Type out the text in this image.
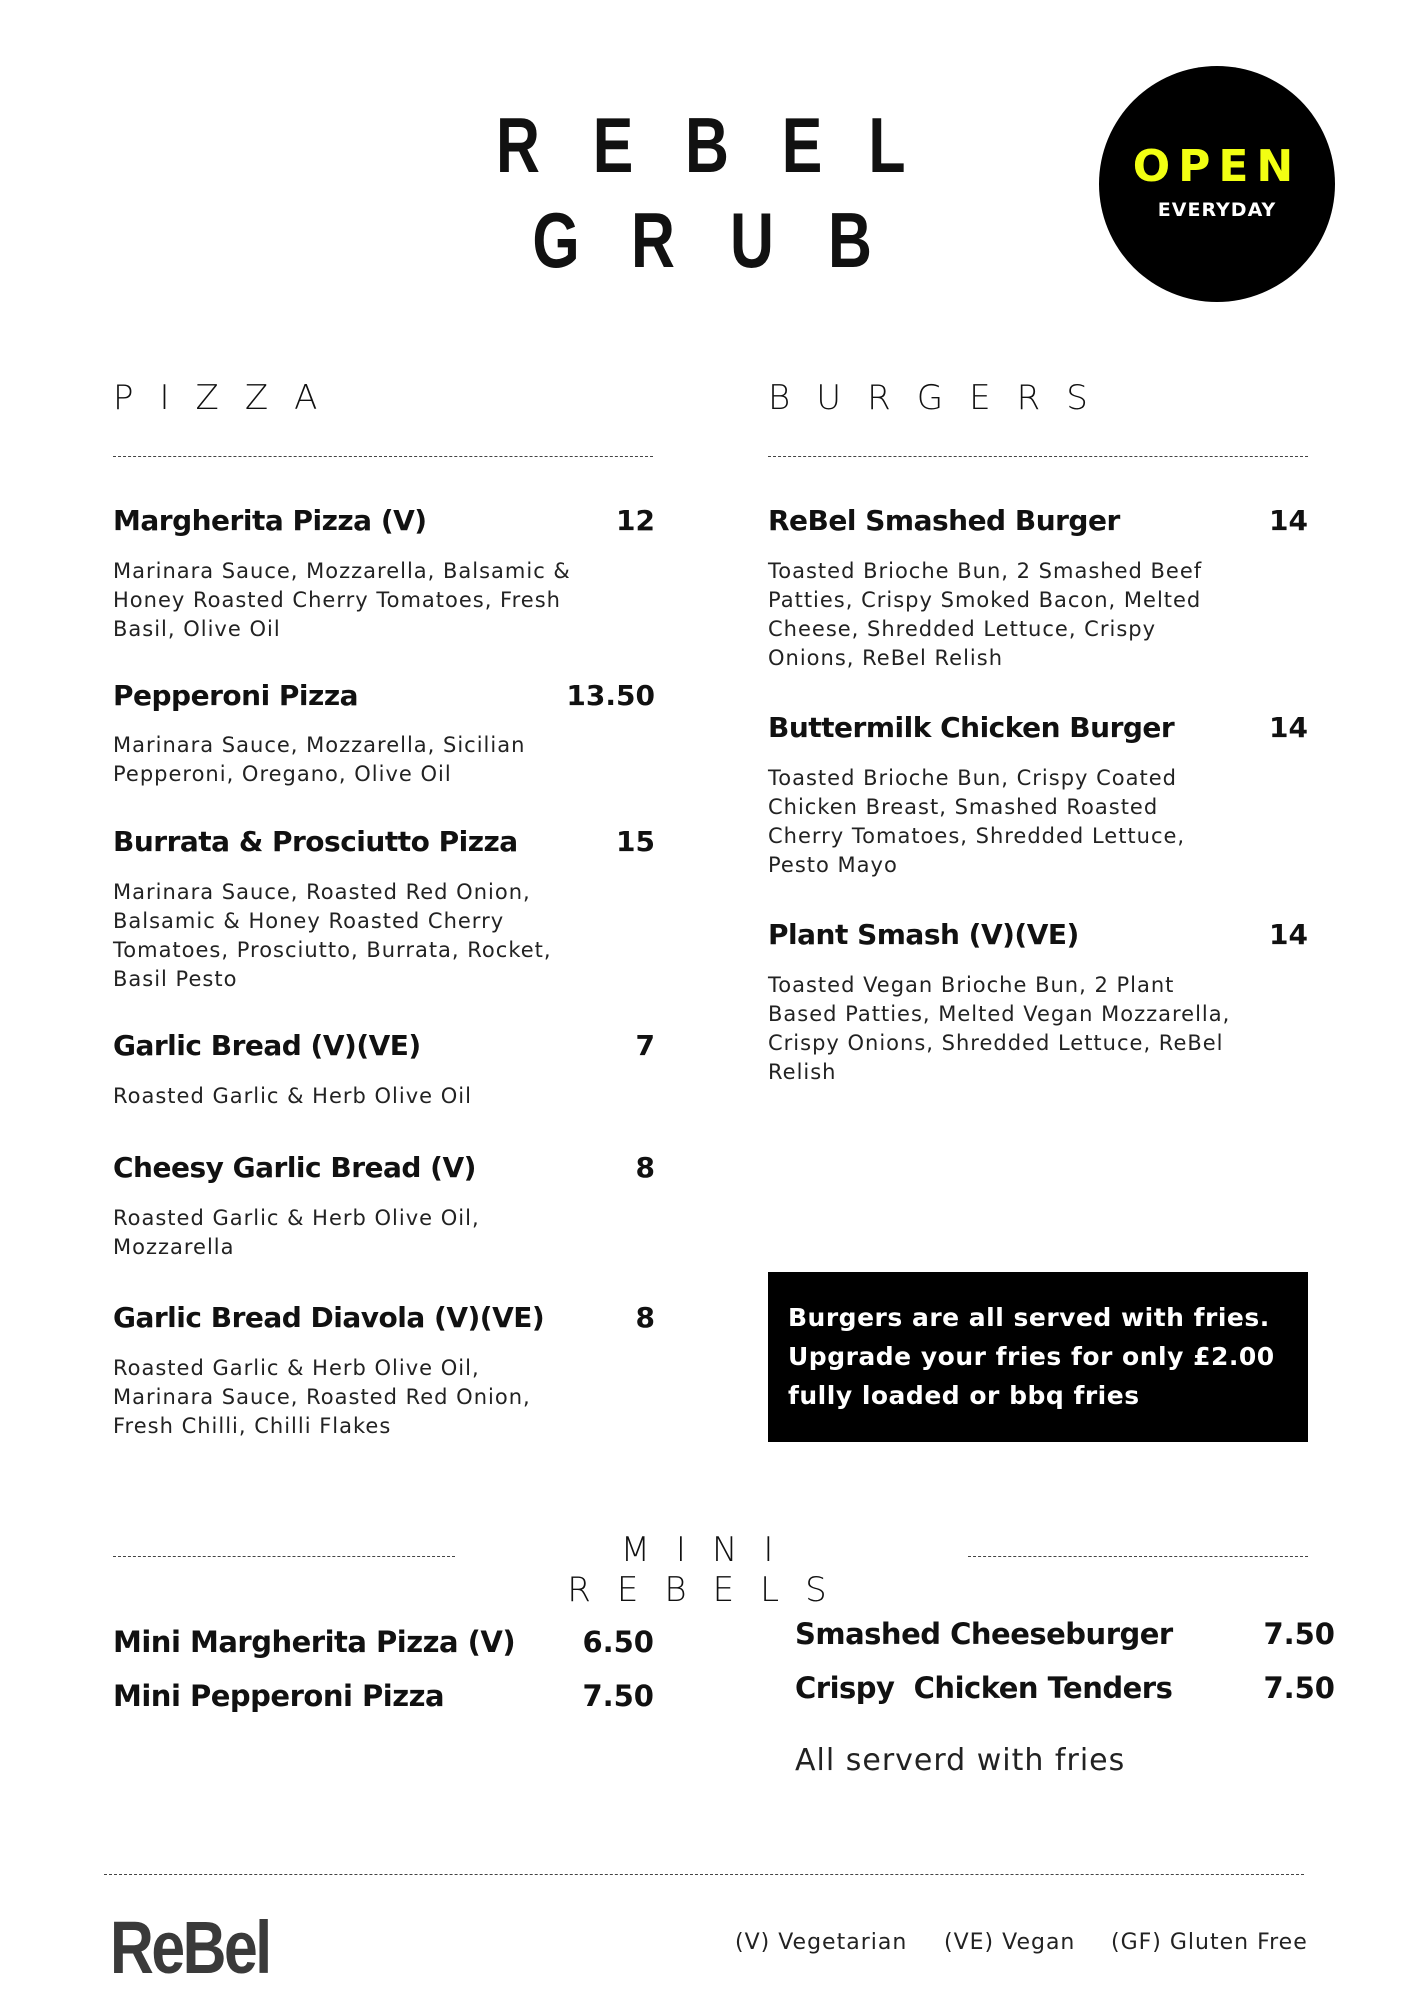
R E B E L
G R U B
OPEN
EVERYDAY
PIZZA	BURGERS
Margherita Pizza (V)	12
Marinara Sauce, Mozzarella, Balsamic &
Honey Roasted Cherry Tomatoes, Fresh
Basil, Olive Oil
Pepperoni Pizza	13.50
Marinara Sauce, Mozzarella, Sicilian
Pepperoni, Oregano, Olive Oil
Burrata & Prosciutto Pizza	15
Marinara Sauce, Roasted Red Onion,
Balsamic & Honey Roasted Cherry
Tomatoes, Prosciutto, Burrata, Rocket,
Basil Pesto
Garlic Bread (V)(VE)	7
Roasted Garlic & Herb Olive Oil
Cheesy Garlic Bread (V)	8
Roasted Garlic & Herb Olive Oil,
Mozzarella
Garlic Bread Diavola (V)(VE)	8
Roasted Garlic & Herb Olive Oil,
Marinara Sauce, Roasted Red Onion,
Fresh Chilli, Chilli Flakes
ReBel Smashed Burger	14
Toasted Brioche Bun, 2 Smashed Beef
Patties, Crispy Smoked Bacon, Melted
Cheese, Shredded Lettuce, Crispy
Onions, ReBel Relish
Buttermilk Chicken Burger	14
Toasted Brioche Bun, Crispy Coated
Chicken Breast, Smashed Roasted
Cherry Tomatoes, Shredded Lettuce,
Pesto Mayo
Plant Smash (V)(VE)	14
Toasted Vegan Brioche Bun, 2 Plant
Based Patties, Melted Vegan Mozzarella,
Crispy Onions, Shredded Lettuce, ReBel
Relish
Burgers are all served with fries.
Upgrade your fries for only £2.00
fully loaded or bbq fries
MINI REBELS
Mini Margherita Pizza (V)	6.50
Mini Pepperoni Pizza	7.50
Smashed Cheeseburger	7.50
Crispy  Chicken Tenders	7.50
All serverd with fries
ReBel	(V) Vegetarian (VE) Vegan (GF) Gluten Free
